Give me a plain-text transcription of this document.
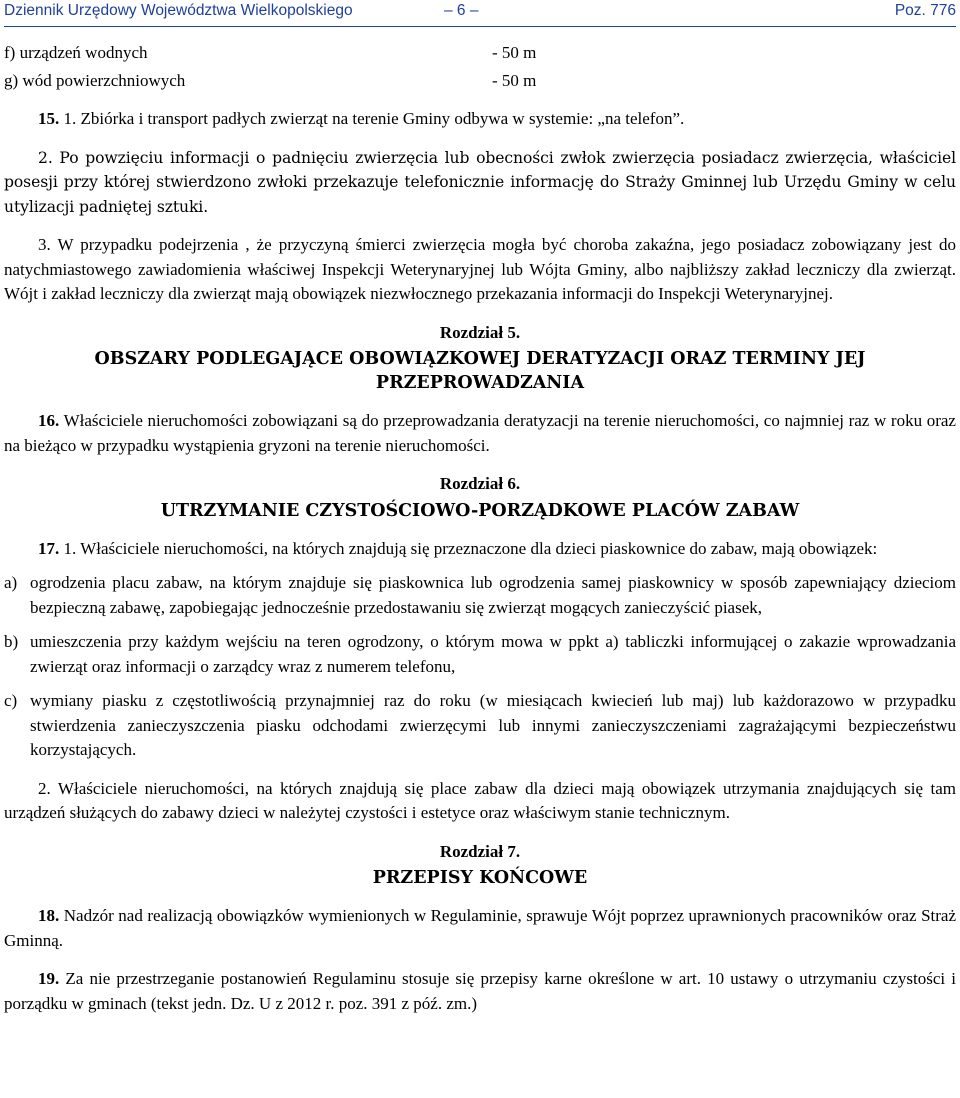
Dziennik Urzędowy Województwa Wielkopolskiego	– 6 –	Poz. 776
f) urządzeń wodnych	- 50 m
g) wód powierzchniowych	- 50 m

15. 1. Zbiórka i transport padłych zwierząt na terenie Gminy odbywa w systemie: „na telefon”.

2. Po powzięciu informacji o padnięciu zwierzęcia lub obecności zwłok zwierzęcia posiadacz zwierzęcia, właściciel posesji przy której stwierdzono zwłoki przekazuje telefonicznie informację do Straży Gminnej lub Urzędu Gminy w celu utylizacji padniętej sztuki.

3. W przypadku podejrzenia , że przyczyną śmierci zwierzęcia mogła być choroba zakaźna, jego posiadacz zobowiązany jest do natychmiastowego zawiadomienia właściwej Inspekcji Weterynaryjnej lub Wójta Gminy, albo najbliższy zakład leczniczy dla zwierząt. Wójt i zakład leczniczy dla zwierząt mają obowiązek niezwłocznego przekazania informacji do Inspekcji Weterynaryjnej.

Rozdział 5.
OBSZARY PODLEGAJĄCE OBOWIĄZKOWEJ DERATYZACJI ORAZ TERMINY JEJ PRZEPROWADZANIA

16. Właściciele nieruchomości zobowiązani są do przeprowadzania deratyzacji na terenie nieruchomości, co najmniej raz w roku oraz na bieżąco w przypadku wystąpienia gryzoni na terenie nieruchomości.

Rozdział 6.
UTRZYMANIE CZYSTOŚCIOWO-PORZĄDKOWE PLACÓW ZABAW

17. 1. Właściciele nieruchomości, na których znajdują się przeznaczone dla dzieci piaskownice do zabaw, mają obowiązek:

a) ogrodzenia placu zabaw, na którym znajduje się piaskownica lub ogrodzenia samej piaskownicy w sposób zapewniający dzieciom bezpieczną zabawę, zapobiegając jednocześnie przedostawaniu się zwierząt mogących zanieczyścić piasek,
b) umieszczenia przy każdym wejściu na teren ogrodzony, o którym mowa w ppkt a) tabliczki informującej o zakazie wprowadzania zwierząt oraz informacji o zarządcy wraz z numerem telefonu,
c) wymiany piasku z częstotliwością przynajmniej raz do roku (w miesiącach kwiecień lub maj) lub każdorazowo w przypadku stwierdzenia zanieczyszczenia piasku odchodami zwierzęcymi lub innymi zanieczyszczeniami zagrażającymi bezpieczeństwu korzystających.

2. Właściciele nieruchomości, na których znajdują się place zabaw dla dzieci mają obowiązek utrzymania znajdujących się tam urządzeń służących do zabawy dzieci w należytej czystości i estetyce oraz właściwym stanie technicznym.

Rozdział 7.
PRZEPISY KOŃCOWE

18. Nadzór nad realizacją obowiązków wymienionych w Regulaminie, sprawuje Wójt poprzez uprawnionych pracowników oraz Straż Gminną.

19. Za nie przestrzeganie postanowień Regulaminu stosuje się przepisy karne określone w art. 10 ustawy o utrzymaniu czystości i porządku w gminach (tekst jedn. Dz. U z 2012 r. poz. 391 z póź. zm.)
